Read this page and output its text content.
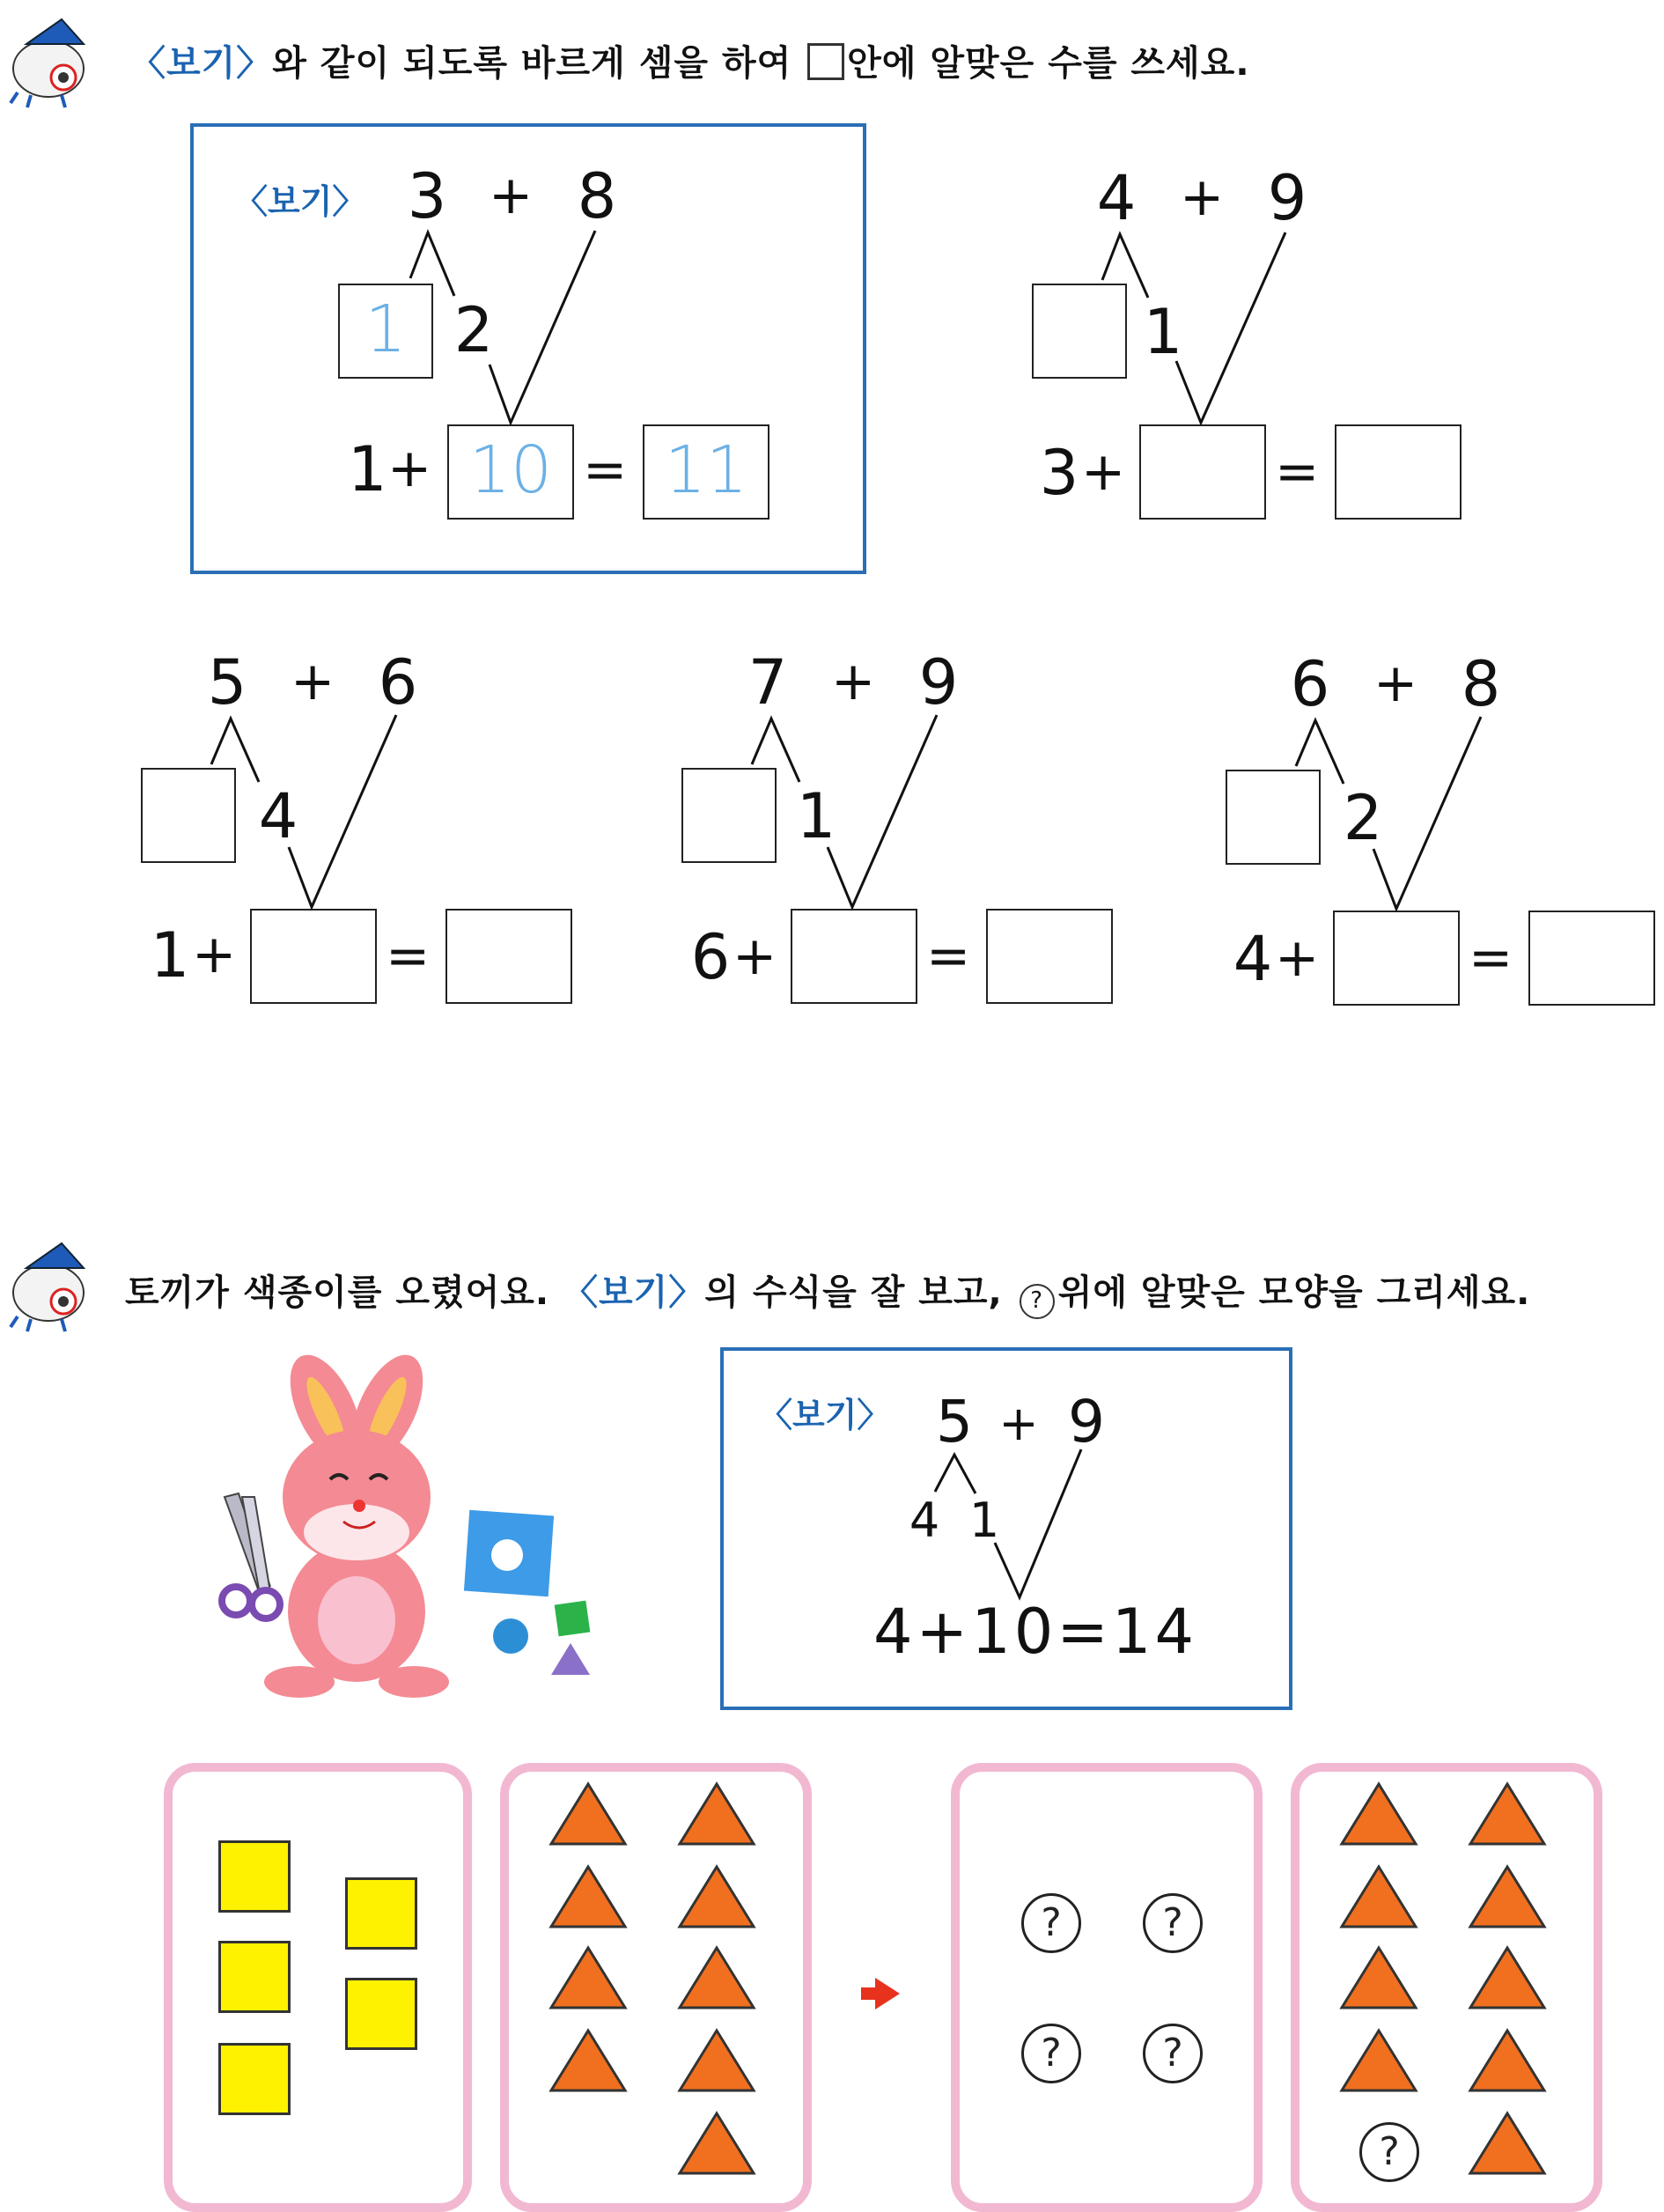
〈보기〉와 같이 되도록 바르게 셈을 하여 안에 알맞은 수를 쓰세요.
〈보기〉 3 + 8
1 2
1 + 10 = 11
4 + 9
1
3 +	=
5 + 6
4
1 +	=
7 + 9
1
6 +	=
6 + 8
2
4 +	=
토끼가 색종이를 오렸어요. 〈보기〉의 수식을 잘 보고, ? 위에 알맞은 모양을 그리세요.
〈보기〉 5 + 9
4 1
4+10=14
?	?
?	?
?
